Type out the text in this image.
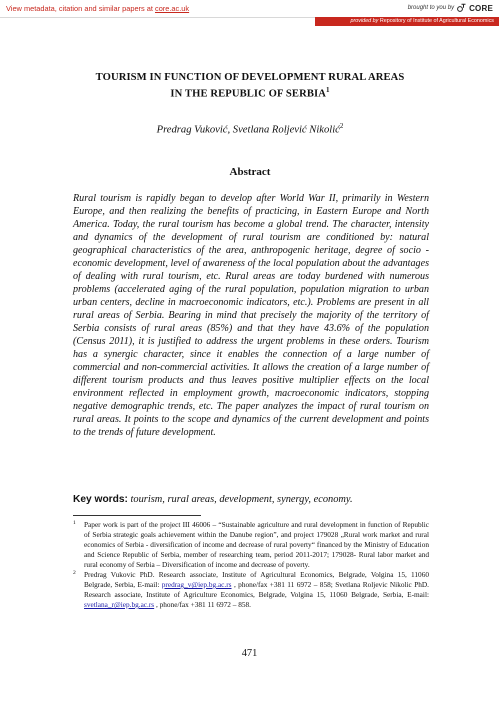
View metadata, citation and similar papers at core.ac.uk	brought to you by CORE
provided by Repository of Institute of Agricultural Economics
TOURISM IN FUNCTION OF DEVELOPMENT RURAL AREAS
IN THE REPUBLIC OF SERBIA$^1$
Predrag Vuković, Svetlana Roljević Nikolić$^2$
Abstract
Rural tourism is rapidly began to develop after World War II, primarily in Western Europe, and then realizing the benefits of practicing, in Eastern Europe and North America. Today, the rural tourism has become a global trend. The character, intensity and dynamics of the development of rural tourism are conditioned by: natural geographical characteristics of the area, anthropogenic heritage, degree of socio - economic development, level of awareness of the local population about the advantages of dealing with rural tourism, etc. Rural areas are today burdened with numerous problems (accelerated aging of the rural population, population migration to urban urban centers, decline in macroeconomic indicators, etc.). Problems are present in all rural areas of Serbia. Bearing in mind that precisely the majority of the territory of Serbia consists of rural areas (85%) and that they have 43.6% of the population (Census 2011), it is justified to address the urgent problems in these orders. Tourism has a synergic character, since it enables the connection of a large number of commercial and non-commercial activities. It allows the creation of a large number of different tourism products and thus leaves positive multiplier effects on the local environment reflected in employment growth, macroeconomic indicators, stopping negative demographic trends, etc. The paper analyzes the impact of rural tourism on rural areas. It points to the scope and dynamics of the current development and points to the trends of future development.
Key words: tourism, rural areas, development, synergy, economy.
1 Paper work is part of the project III 46006 – “Sustainable agriculture and rural development in function of Republic of Serbia strategic goals achievement within the Danube region”, and project 179028 „Rural work market and rural economics of Serbia - diversification of income and decrease of rural poverty“ financed by the Ministry of Education and Science Republic of Serbia, member of researching team, period 2011-2017; 179028- Rural labor market and rural economy of Serbia – Diversification of income and decrease of poverty.
2 Predrag Vukovic PhD. Research associate, Institute of Agricultural Economics, Belgrade, Volgina 15, 11060 Belgrade, Serbia, E-mail: predrag_v@iep.bg.ac.rs , phone/fax +381 11 6972 – 858; Svetlana Roljevic Nikolic PhD. Research associate, Institute of Agriculture Economics, Belgrade, Volgina 15, 11060 Belgrade, Serbia, E-mail: svetlana_r@iep.bg.ac.rs , phone/fax +381 11 6972 – 858.
471
